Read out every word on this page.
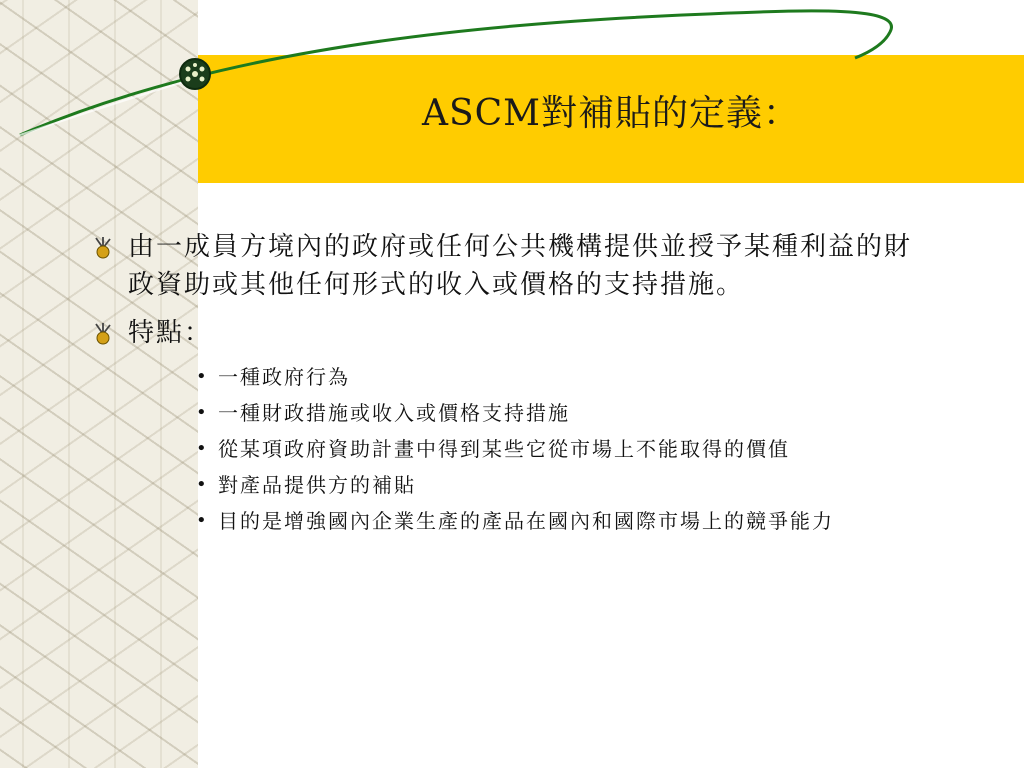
ASCM對補貼的定義：
由一成員方境內的政府或任何公共機構提供並授予某種利益的財政資助或其他任何形式的收入或價格的支持措施。
特點：
• 一種政府行為
• 一種財政措施或收入或價格支持措施
• 從某項政府資助計畫中得到某些它從市場上不能取得的價值
• 對產品提供方的補貼
• 目的是增強國內企業生產的產品在國內和國際市場上的競爭能力
